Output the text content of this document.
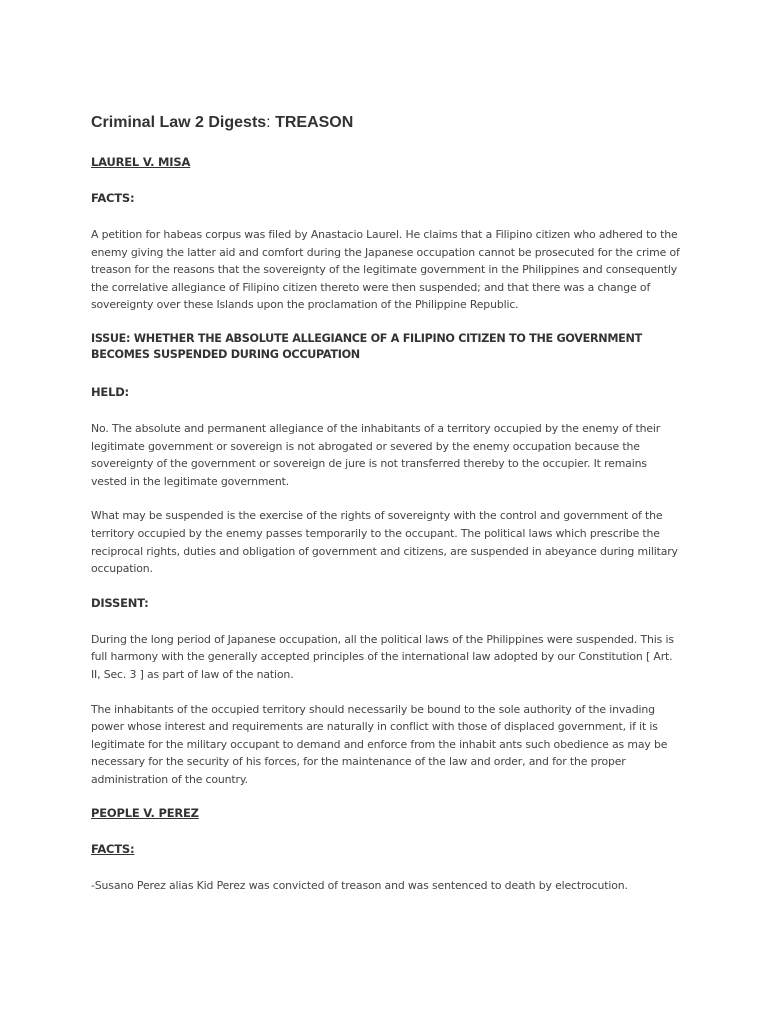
Criminal Law 2 Digests: TREASON
LAUREL V. MISA
FACTS:

A petition for habeas corpus was filed by Anastacio Laurel. He claims that a Filipino citizen who adhered to the enemy giving the latter aid and comfort during the Japanese occupation cannot be prosecuted for the crime of treason for the reasons that the sovereignty of the legitimate government in the Philippines and consequently the correlative allegiance of Filipino citizen thereto were then suspended; and that there was a change of sovereignty over these Islands upon the proclamation of the Philippine Republic.

ISSUE: WHETHER THE ABSOLUTE ALLEGIANCE OF A FILIPINO CITIZEN TO THE GOVERNMENT BECOMES SUSPENDED DURING OCCUPATION
HELD:

No. The absolute and permanent allegiance of the inhabitants of a territory occupied by the enemy of their legitimate government or sovereign is not abrogated or severed by the enemy occupation because the sovereignty of the government or sovereign de jure is not transferred thereby to the occupier. It remains vested in the legitimate government.

What may be suspended is the exercise of the rights of sovereignty with the control and government of the territory occupied by the enemy passes temporarily to the occupant. The political laws which prescribe the reciprocal rights, duties and obligation of government and citizens, are suspended in abeyance during military occupation.

DISSENT:

During the long period of Japanese occupation, all the political laws of the Philippines were suspended. This is full harmony with the generally accepted principles of the international law adopted by our Constitution [ Art. II, Sec. 3 ] as part of law of the nation.

The inhabitants of the occupied territory should necessarily be bound to the sole authority of the invading power whose interest and requirements are naturally in conflict with those of displaced government, if it is legitimate for the military occupant to demand and enforce from the inhabit ants such obedience as may be necessary for the security of his forces, for the maintenance of the law and order, and for the proper administration of the country.

PEOPLE V. PEREZ
FACTS:

-Susano Perez alias Kid Perez was convicted of treason and was sentenced to death by electrocution.
